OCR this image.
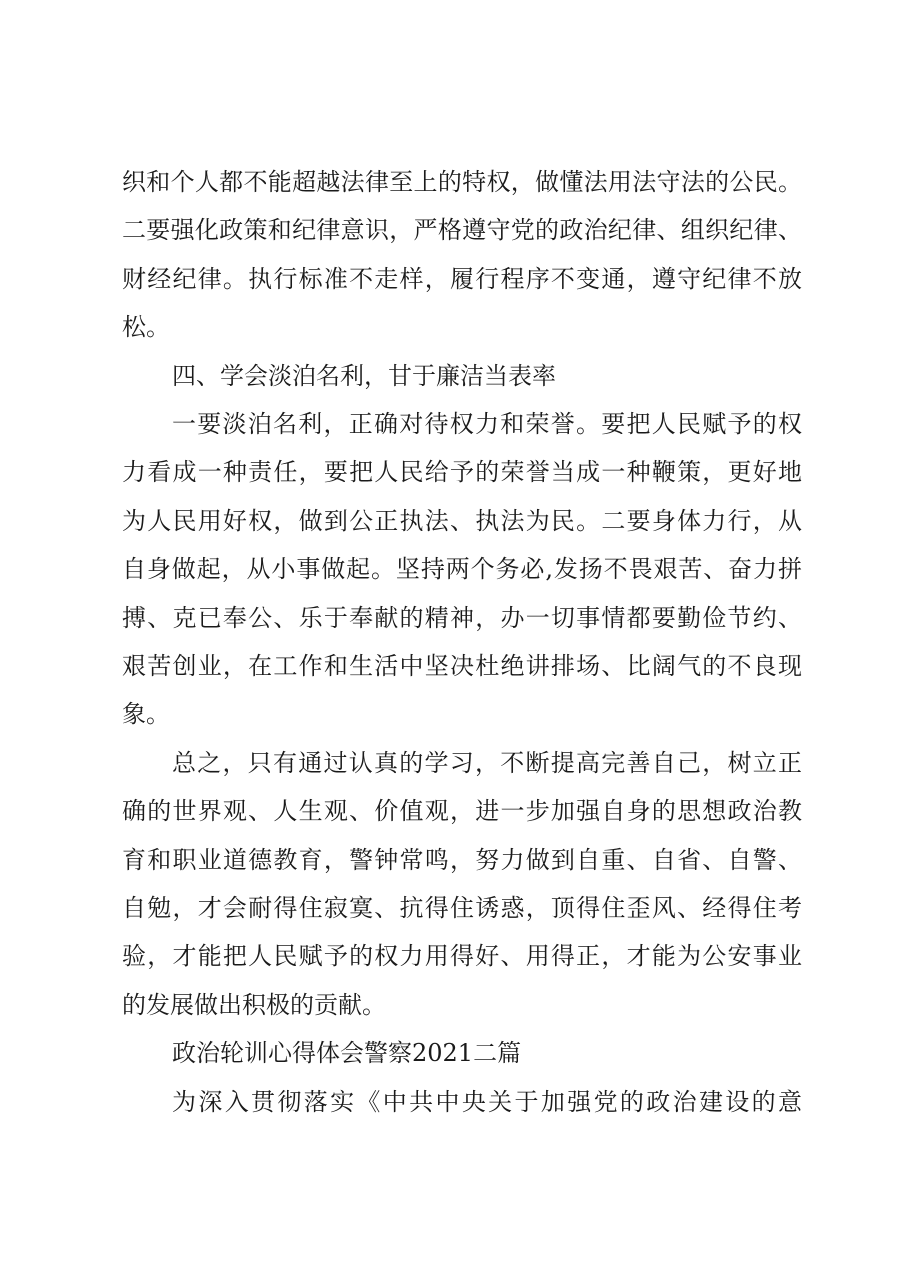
织和个人都不能超越法律至上的特权，做懂法用法守法的公民。
二要强化政策和纪律意识，严格遵守党的政治纪律、组织纪律、
财经纪律。执行标准不走样，履行程序不变通，遵守纪律不放
松。
四、学会淡泊名利，甘于廉洁当表率
一要淡泊名利，正确对待权力和荣誉。要把人民赋予的权
力看成一种责任，要把人民给予的荣誉当成一种鞭策，更好地
为人民用好权，做到公正执法、执法为民。二要身体力行，从
自身做起，从小事做起。坚持两个务必,发扬不畏艰苦、奋力拼
搏、克已奉公、乐于奉献的精神，办一切事情都要勤俭节约、
艰苦创业，在工作和生活中坚决杜绝讲排场、比阔气的不良现
象。
总之，只有通过认真的学习，不断提高完善自己，树立正
确的世界观、人生观、价值观，进一步加强自身的思想政治教
育和职业道德教育，警钟常鸣，努力做到自重、自省、自警、
自勉，才会耐得住寂寞、抗得住诱惑，顶得住歪风、经得住考
验，才能把人民赋予的权力用得好、用得正，才能为公安事业
的发展做出积极的贡献。
政治轮训心得体会警察2021二篇
为深入贯彻落实《中共中央关于加强党的政治建设的意
